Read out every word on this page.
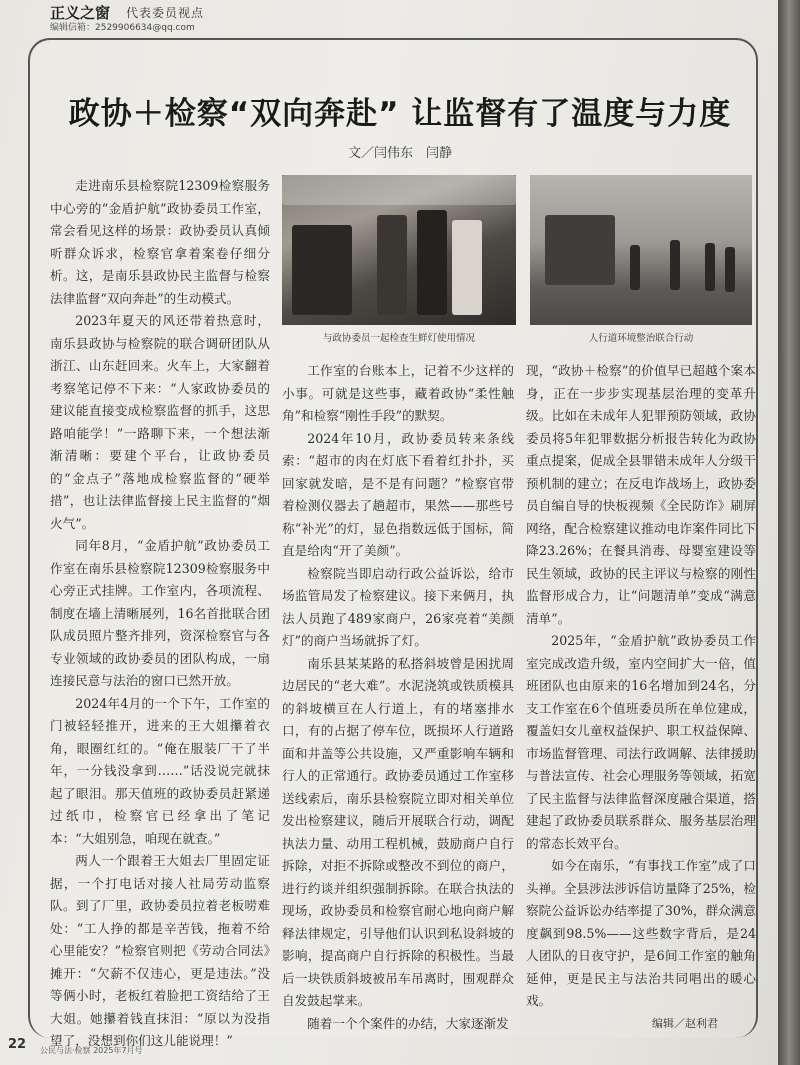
正义之窗 代表委员视点
编辑信箱：2529906634@qq.com
政协＋检察“双向奔赴” 让监督有了温度与力度
文／闫伟东　闫静

走进南乐县检察院12309检察服务中心旁的“金盾护航”政协委员工作室，常会看见这样的场景：政协委员认真倾听群众诉求，检察官拿着案卷仔细分析。这，是南乐县政协民主监督与检察法律监督“双向奔赴”的生动模式。

2023年夏天的风还带着热意时，南乐县政协与检察院的联合调研团队从浙江、山东赶回来。火车上，大家翻着考察笔记停不下来：“人家政协委员的建议能直接变成检察监督的抓手，这思路咱能学！”一路聊下来，一个想法渐渐清晰：要建个平台，让政协委员的“金点子”落地成检察监督的“硬举措”，也让法律监督接上民主监督的“烟火气”。

同年8月，“金盾护航”政协委员工作室在南乐县检察院12309检察服务中心旁正式挂牌。工作室内，各项流程、制度在墙上清晰展列，16名首批联合团队成员照片整齐排列，资深检察官与各专业领域的政协委员的团队构成，一扇连接民意与法治的窗口已然开放。

2024年4月的一个下午，工作室的门被轻轻推开，进来的王大姐攥着衣角，眼圈红红的。“俺在服装厂干了半年，一分钱没拿到……”话没说完就抹起了眼泪。那天值班的政协委员赶紧递过纸巾，检察官已经拿出了笔记本：“大姐别急，咱现在就查。”

两人一个跟着王大姐去厂里固定证据，一个打电话对接人社局劳动监察队。到了厂里，政协委员拉着老板唠难处：“工人挣的都是辛苦钱，拖着不给心里能安？”检察官则把《劳动合同法》摊开：“欠薪不仅违心，更是违法。”没等俩小时，老板红着脸把工资结给了王大姐。她攥着钱直抹泪：“原以为没指望了，没想到你们这儿能说理！”

与政协委员一起检查生鲜灯使用情况	人行道环境整治联合行动

工作室的台账本上，记着不少这样的小事。可就是这些事，藏着政协“柔性触角”和检察“刚性手段”的默契。

2024年10月，政协委员转来条线索：“超市的肉在灯底下看着红扑扑，买回家就发暗，是不是有问题？”检察官带着检测仪器去了趟超市，果然——那些号称“补光”的灯，显色指数远低于国标，简直是给肉“开了美颜”。

检察院当即启动行政公益诉讼，给市场监管局发了检察建议。接下来俩月，执法人员跑了489家商户，26家亮着“美颜灯”的商户当场就拆了灯。

南乐县某某路的私搭斜坡曾是困扰周边居民的“老大难”。水泥浇筑或铁质模具的斜坡横亘在人行道上，有的堵塞排水口，有的占据了停车位，既损坏人行道路面和井盖等公共设施，又严重影响车辆和行人的正常通行。政协委员通过工作室移送线索后，南乐县检察院立即对相关单位发出检察建议，随后开展联合行动，调配执法力量、动用工程机械，鼓励商户自行拆除，对拒不拆除或整改不到位的商户，进行约谈并组织强制拆除。在联合执法的现场，政协委员和检察官耐心地向商户解释法律规定，引导他们认识到私设斜坡的影响，提高商户自行拆除的积极性。当最后一块铁质斜坡被吊车吊离时，围观群众自发鼓起掌来。

随着一个个案件的办结，大家逐渐发

现，“政协＋检察”的价值早已超越个案本身，正在一步步实现基层治理的变革升级。比如在未成年人犯罪预防领域，政协委员将5年犯罪数据分析报告转化为政协重点提案，促成全县罪错未成年人分级干预机制的建立；在反电诈战场上，政协委员自编自导的快板视频《全民防诈》刷屏网络，配合检察建议推动电诈案件同比下降23.26%；在餐具消毒、母婴室建设等民生领域，政协的民主评议与检察的刚性监督形成合力，让“问题清单”变成“满意清单”。

2025年，“金盾护航”政协委员工作室完成改造升级，室内空间扩大一倍，值班团队也由原来的16名增加到24名，分支工作室在6个值班委员所在单位建成，覆盖妇女儿童权益保护、职工权益保障、市场监督管理、司法行政调解、法律援助与普法宣传、社会心理服务等领域，拓宽了民主监督与法律监督深度融合渠道，搭建起了政协委员联系群众、服务基层治理的常态长效平台。

如今在南乐，“有事找工作室”成了口头禅。全县涉法涉诉信访量降了25%，检察院公益诉讼办结率提了30%，群众满意度飙到98.5%——这些数字背后，是24人团队的日夜守护，是6间工作室的触角延伸，更是民主与法治共同唱出的暖心戏。

编辑／赵利君
22 公民与法·检察 2025年7月号
